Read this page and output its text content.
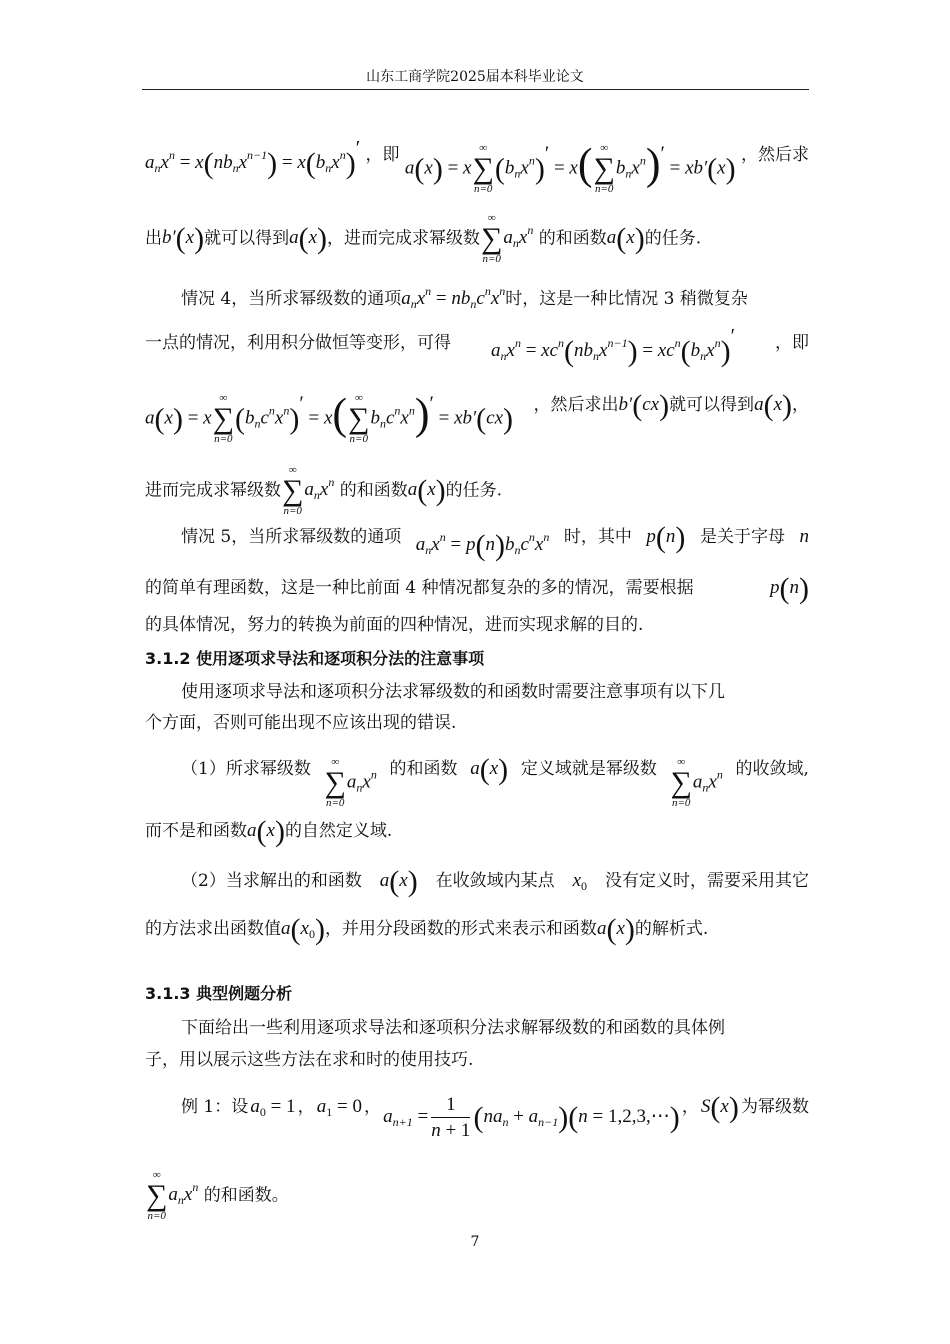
山东工商学院2025届本科毕业论文
$a_nx^n = x(nb_nx^{n-1}) = x(b_nx^n)'$ ，即
a(x) = x
∞
∑
n=0
$(b_nx^n)' = x$( ∞
∑
n=0
$b_nx^n)' = xb'(x)$ ，然后求
出b′(x)就可以得到a(x)，进而完成求幂级数
∞
∑
n=0
$a_nx^n$ 的和函数a(x)的任务.
情况 4，当所求幂级数的通项$a_nx^n = nb_nc^nx^n$时，这是一种比情况 3 稍微复杂
一点的情况，利用积分做恒等变形，可得 $a_nx^n = xc^n(nb_nx^{n-1}) = xc^n(b_nx^n)'$ ，即
a(x) = x
∞
∑
n=0
$(b_nc^nx^n)' = x$( ∞
∑
n=0
$b_nc^nx^n)' = xb'(cx)$ ，然后求出b′(cx)就可以得到a(x)，
进而完成求幂级数
∞
∑
n=0
$a_nx^n$ 的和函数a(x)的任务.
情况 5，当所求幂级数的通项 $a_nx^n = p(n)b_nc^nx^n$ 时，其中 p(n) 是关于字母 n
的简单有理函数，这是一种比前面 4 种情况都复杂的多的情况，需要根据	p(n)
的具体情况，努力的转换为前面的四种情况，进而实现求解的目的.
3.1.2 使用逐项求导法和逐项积分法的注意事项
使用逐项求导法和逐项积分法求幂级数的和函数时需要注意事项有以下几
个方面，否则可能出现不应该出现的错误.
（1）所求幂级数	∞
∑
n=0
$a_nx^n$ 的和函数 a(x) 定义域就是幂级数	∞
∑
n=0
$a_nx^n$ 的收敛域,
而不是和函数a(x)的自然定义域.
（2）当求解出的和函数 a(x) 在收敛域内某点 $x_0$ 没有定义时，需要采用其它
的方法求出函数值$a(x_0)$，并用分段函数的形式来表示和函数a(x)的解析式.
3.1.3 典型例题分析
下面给出一些利用逐项求导法和逐项积分法求解幂级数的和函数的具体例
子，用以展示这些方法在求和时的使用技巧.
例 1：设 $a_0 = 1$ ， $a_1 = 0$ ， $a_{n+1} = \frac{1}{n + 1} (na_n + a_{n-1})(n$ = 1,2,3,⋯) ， S(x) 为幂级数
∞
∑
n=0
$a_nx^n$ 的和函数。
7
